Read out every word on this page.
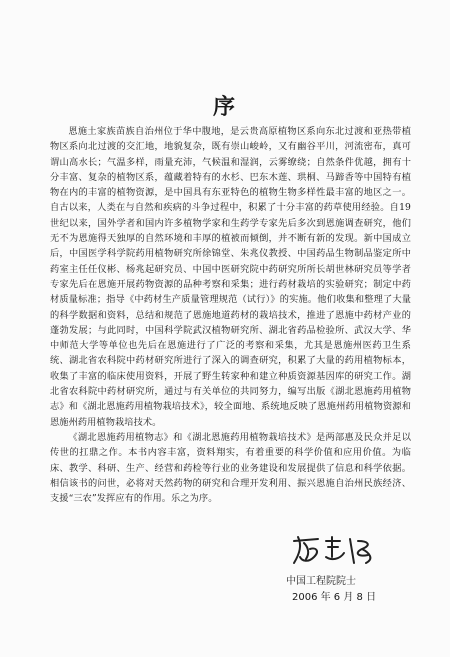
序

恩施土家族苗族自治州位于华中腹地，是云贵高原植物区系向东北过渡和亚热带植物区系向北过渡的交汇地，地貌复杂，既有崇山峻岭，又有幽谷平川，河流密布，真可谓山高水长；气温多样，雨量充沛，气候温和湿润，云雾缭绕；自然条件优越，拥有十分丰富、复杂的植物区系，蕴藏着特有的水杉、巴东木莲、珙桐、马蹄香等中国特有植物在内的丰富的植物资源，是中国具有东亚特色的植物生物多样性最丰富的地区之一。自古以来，人类在与自然和疾病的斗争过程中，积累了十分丰富的药草使用经验。自19世纪以来，国外学者和国内许多植物学家和生药学专家先后多次到恩施调查研究，他们无不为恩施得天独厚的自然环境和丰厚的植被而倾倒，并不断有新的发现。新中国成立后，中国医学科学院药用植物研究所徐锦堂、朱兆仪教授、中国药品生物制品鉴定所中药室主任任仪彬、杨兆起研究员、中国中医研究院中药研究所所长胡世林研究员等学者专家先后在恩施开展药物资源的品种考察和采集；进行药材栽培的实验研究；制定中药材质量标准；指导《中药材生产质量管理规范（试行）》的实施。他们收集和整理了大量的科学数据和资料，总结和规范了恩施地道药材的栽培技术，推进了恩施中药材产业的蓬勃发展；与此同时，中国科学院武汉植物研究所、湖北省药品检验所、武汉大学、华中师范大学等单位也先后在恩施进行了广泛的考察和采集，尤其是恩施州医药卫生系统、湖北省农科院中药材研究所进行了深入的调查研究，积累了大量的药用植物标本，收集了丰富的临床使用资料，开展了野生转家种和建立种质资源基因库的研究工作。湖北省农科院中药材研究所，通过与有关单位的共同努力，编写出版《湖北恩施药用植物志》和《湖北恩施药用植物栽培技术》，较全面地、系统地反映了恩施州药用植物资源和恩施州药用植物栽培技术。

《湖北恩施药用植物志》和《湖北恩施药用植物栽培技术》是两部惠及民众并足以传世的扛鼎之作。本书内容丰富，资料翔实，有着重要的科学价值和应用价值。为临床、教学、科研、生产、经营和药检等行业的业务建设和发展提供了信息和科学依据。相信该书的问世，必将对天然药物的研究和合理开发利用、振兴恩施自治州民族经济、支援“三农”发挥应有的作用。乐之为序。

中国工程院院士
2006 年 6 月 8 日
